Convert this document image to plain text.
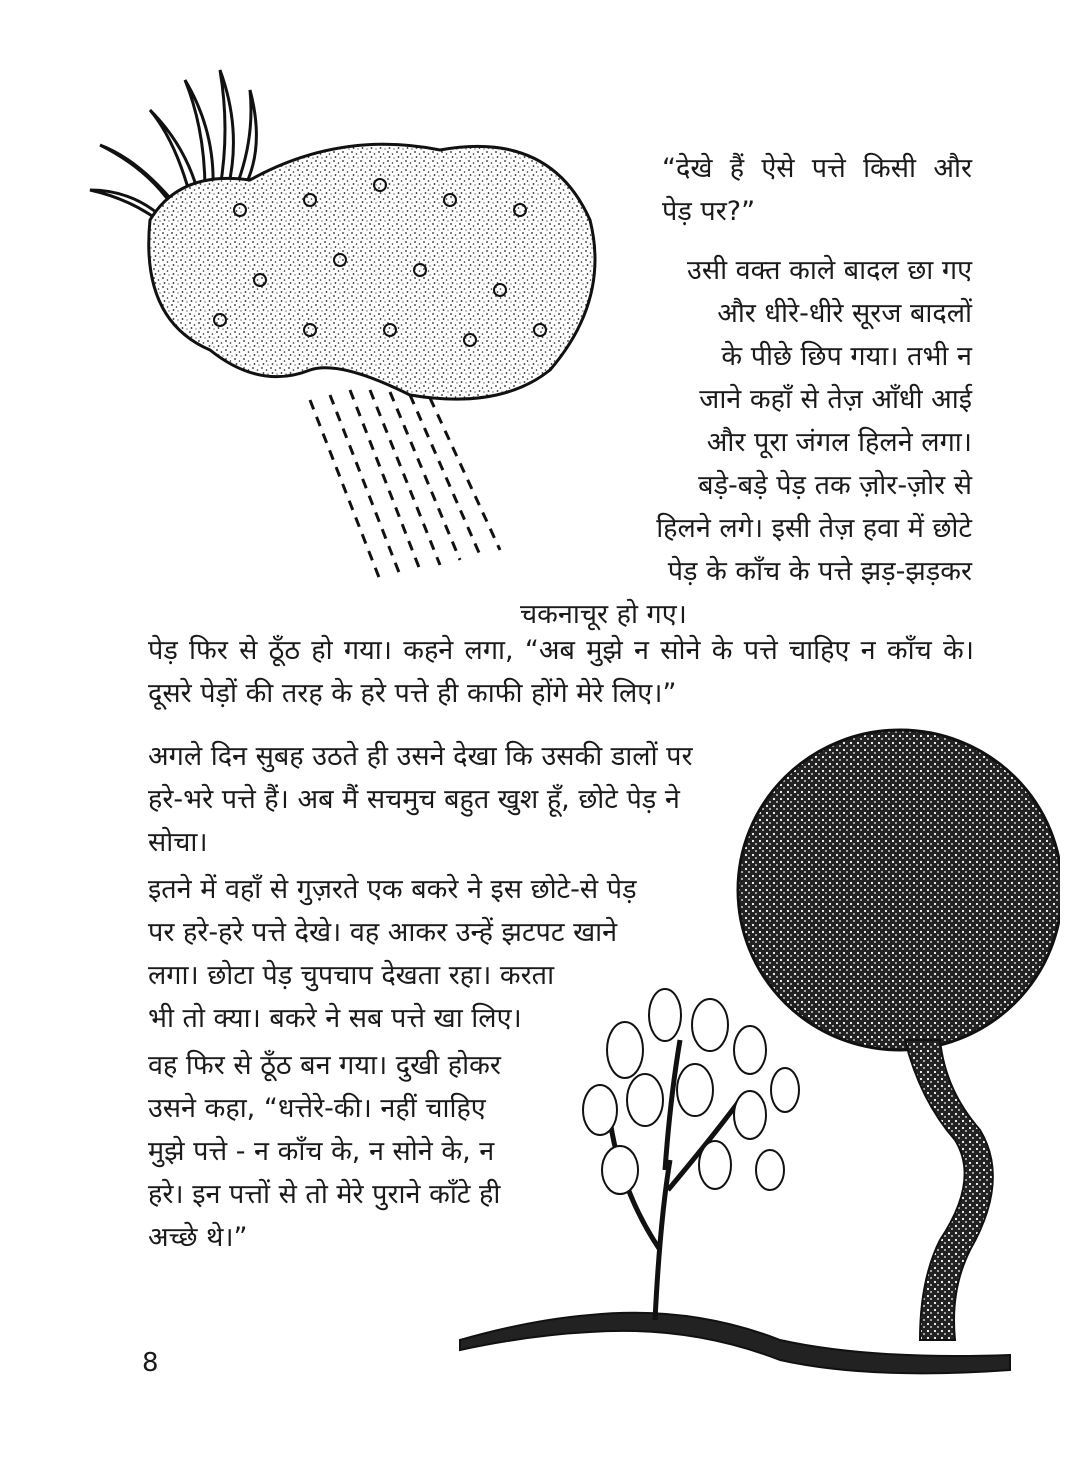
“देखे हैं ऐसे पत्ते किसी और
पेड़ पर?”
उसी वक्त काले बादल छा गए
और धीरे-धीरे सूरज बादलों
के पीछे छिप गया। तभी न
जाने कहाँ से तेज़ आँधी आई
और पूरा जंगल हिलने लगा।
बड़े-बड़े पेड़ तक ज़ोर-ज़ोर से
हिलने लगे। इसी तेज़ हवा में छोटे
पेड़ के काँच के पत्ते झड़-झड़कर
चकनाचूर हो गए।
पेड़ फिर से ठूँठ हो गया। कहने लगा, “अब मुझे न सोने के पत्ते चाहिए न काँच के।
दूसरे पेड़ों की तरह के हरे पत्ते ही काफी होंगे मेरे लिए।”
अगले दिन सुबह उठते ही उसने देखा कि उसकी डालों पर
हरे-भरे पत्ते हैं। अब मैं सचमुच बहुत खुश हूँ, छोटे पेड़ ने
सोचा।
इतने में वहाँ से गुज़रते एक बकरे ने इस छोटे-से पेड़
पर हरे-हरे पत्ते देखे। वह आकर उन्हें झटपट खाने
लगा। छोटा पेड़ चुपचाप देखता रहा। करता
भी तो क्या। बकरे ने सब पत्ते खा लिए।
वह फिर से ठूँठ बन गया। दुखी होकर
उसने कहा, “धत्तेरे-की। नहीं चाहिए
मुझे पत्ते - न काँच के, न सोने के, न
हरे। इन पत्तों से तो मेरे पुराने काँटे ही
अच्छे थे।”
8
